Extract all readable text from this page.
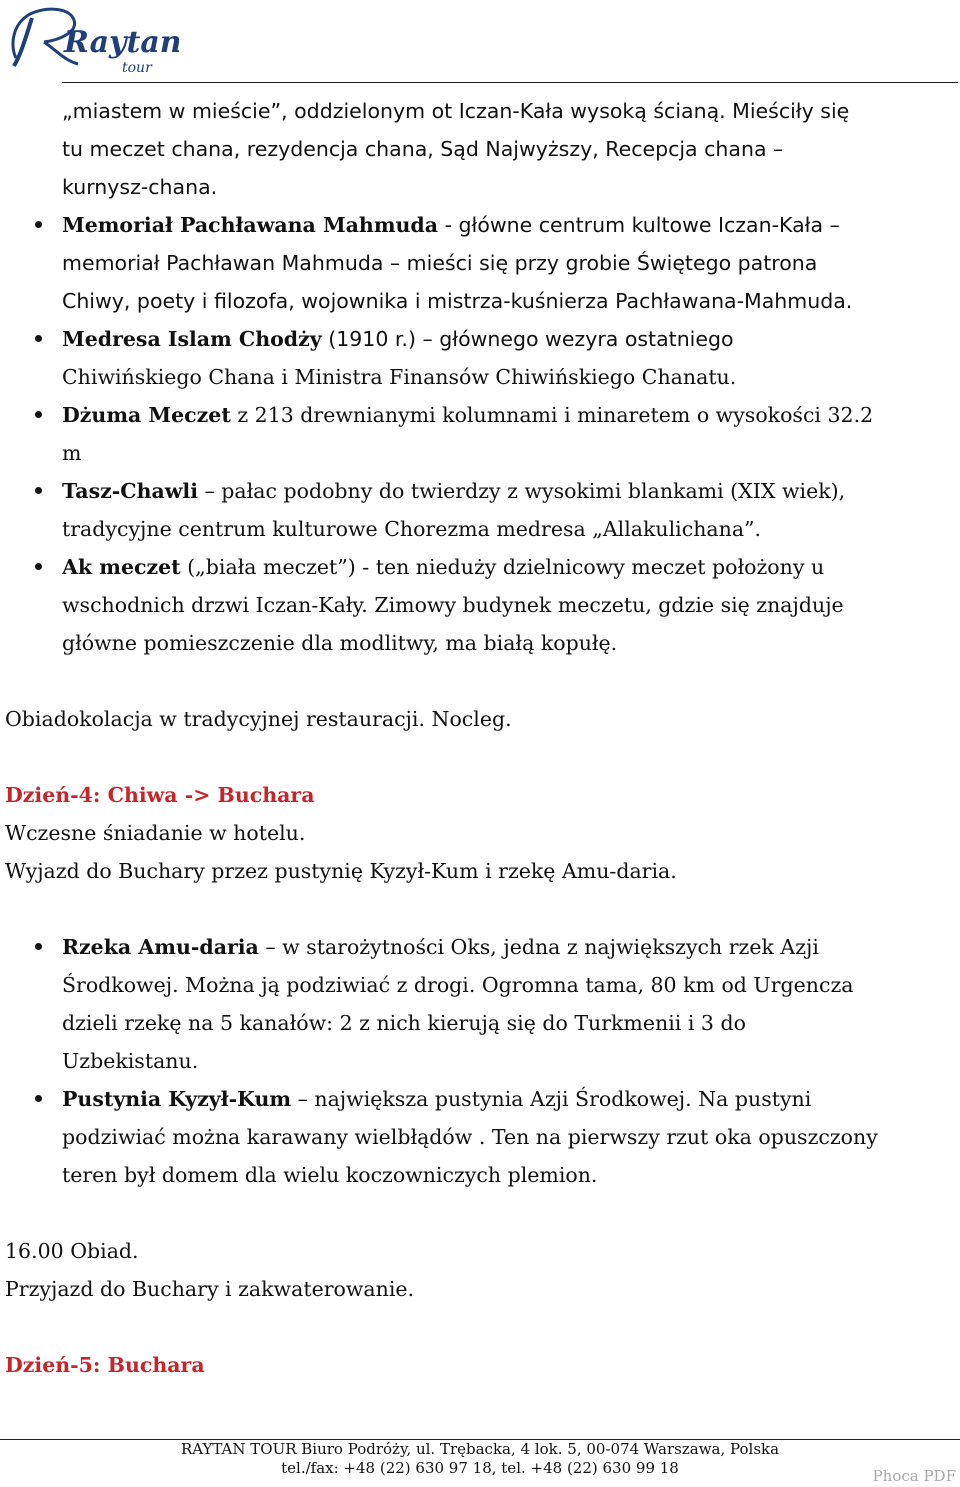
Raytan
tour
„miastem w mieście”, oddzielonym ot Iczan-Kała wysoką ścianą. Mieściły się
tu meczet chana, rezydencja chana, Sąd Najwyższy, Recepcja chana –
kurnysz-chana.
Memoriał Pachławana Mahmuda - główne centrum kultowe Iczan-Kała –
memoriał Pachławan Mahmuda – mieści się przy grobie Świętego patrona
Chiwy, poety i filozofa, wojownika i mistrza-kuśnierza Pachławana-Mahmuda.
Medresa Islam Chodży (1910 r.) – głównego wezyra ostatniego
Chiwińskiego Chana i Ministra Finansów Chiwińskiego Chanatu.
Dżuma Meczet z 213 drewnianymi kolumnami i minaretem o wysokości 32.2
m
Tasz-Chawli – pałac podobny do twierdzy z wysokimi blankami (XIX wiek),
tradycyjne centrum kulturowe Chorezma medresa „Allakulichana”.
Ak meczet („biała meczet”) - ten nieduży dzielnicowy meczet położony u
wschodnich drzwi Iczan-Kały. Zimowy budynek meczetu, gdzie się znajduje
główne pomieszczenie dla modlitwy, ma białą kopułę.
Obiadokolacja w tradycyjnej restauracji. Nocleg.
Dzień-4: Chiwa -> Buchara
Wczesne śniadanie w hotelu.
Wyjazd do Buchary przez pustynię Kyzył-Kum i rzekę Amu-daria.
Rzeka Amu-daria – w starożytności Oks, jedna z największych rzek Azji
Środkowej. Można ją podziwiać z drogi. Ogromna tama, 80 km od Urgencza
dzieli rzekę na 5 kanałów: 2 z nich kierują się do Turkmenii i 3 do
Uzbekistanu.
Pustynia Kyzył-Kum – największa pustynia Azji Środkowej. Na pustyni
podziwiać można karawany wielbłądów . Ten na pierwszy rzut oka opuszczony
teren był domem dla wielu koczowniczych plemion.
16.00 Obiad.
Przyjazd do Buchary i zakwaterowanie.
Dzień-5: Buchara
RAYTAN TOUR Biuro Podróży, ul. Trębacka, 4 lok. 5, 00-074 Warszawa, Polska
tel./fax: +48 (22) 630 97 18, tel. +48 (22) 630 99 18	Phoca PDF
